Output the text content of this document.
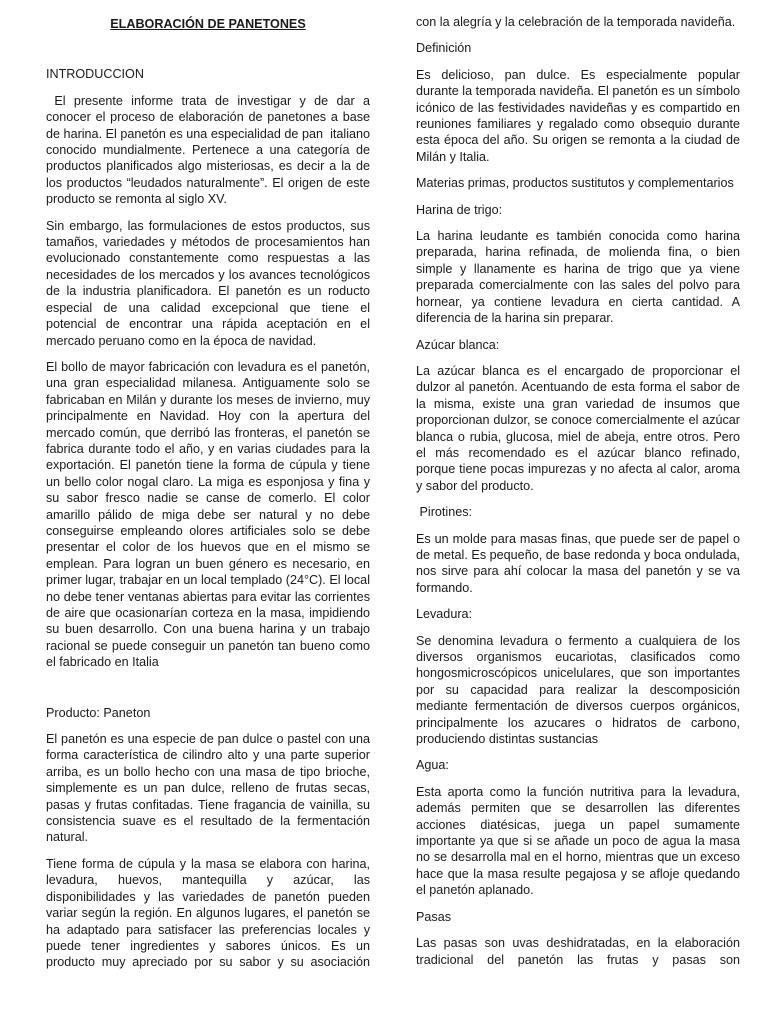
ELABORACIÓN DE PANETONES

INTRODUCCION

El presente informe trata de investigar y de dar a conocer el proceso de elaboración de panetones a base de harina. El panetón es una especialidad de pan  italiano  conocido mundialmente. Pertenece a una categoría de productos planificados algo misteriosas, es decir a la de los productos “leudados naturalmente”. El origen de este producto se remonta al siglo XV.

Sin embargo, las formulaciones de estos productos, sus tamaños, variedades y métodos de procesamientos han evolucionado constantemente como respuestas a las necesidades de los mercados y los avances tecnológicos de la industria planificadora. El panetón es un roducto especial de una calidad excepcional que tiene el potencial de encontrar una rápida aceptación en el mercado peruano como en la época de navidad.

El bollo de mayor fabricación con levadura es el panetón, una gran especialidad milanesa. Antiguamente solo se fabricaban en Milán y durante los meses de invierno, muy principalmente en Navidad. Hoy con la apertura del mercado común, que derribó las fronteras, el panetón se fabrica durante todo el año, y en varias ciudades para la exportación. El panetón tiene la forma de cúpula y tiene un bello color nogal claro. La miga es esponjosa y fina y su sabor fresco nadie se canse de comerlo. El color amarillo pálido de miga debe ser natural y no debe conseguirse empleando olores artificiales solo se debe presentar el color de los huevos que en el mismo se emplean. Para logran un buen género es necesario, en primer lugar, trabajar en un local templado (24°C). El local no debe tener ventanas abiertas para evitar las corrientes de aire que ocasionarían corteza en la masa, impidiendo su buen desarrollo. Con una buena harina y un trabajo racional se puede conseguir un panetón tan bueno como el fabricado en Italia

Producto: Paneton

El panetón es una especie de pan dulce o pastel con una forma característica de cilindro alto y una parte superior arriba, es un bollo hecho con una masa de tipo brioche, simplemente es un pan dulce, relleno de frutas secas, pasas y frutas confitadas. Tiene fragancia de vainilla, su consistencia suave es el resultado de la fermentación natural.

Tiene forma de cúpula y la masa se elabora con harina, levadura, huevos, mantequilla y azúcar, las disponibilidades y las variedades de panetón pueden variar según la región. En algunos lugares, el panetón se ha adaptado para satisfacer las preferencias locales y puede tener ingredientes y sabores únicos. Es un producto muy apreciado por su sabor y su asociación

con la alegría y la celebración de la temporada navideña.

Definición

Es delicioso, pan dulce. Es especialmente popular durante la temporada navideña. El panetón es un símbolo icónico de las festividades navideñas y es compartido en reuniones familiares y regalado como obsequio durante esta época del año. Su origen se remonta a la ciudad de Milán y Italia.

Materias primas, productos sustitutos y complementarios

Harina de trigo:

La harina leudante es también conocida como harina preparada, harina refinada, de molienda fina, o bien simple y llanamente es harina de trigo que ya viene preparada comercialmente con las sales del polvo para hornear, ya contiene levadura en cierta cantidad. A diferencia de la harina sin preparar.

Azúcar blanca:

La azúcar blanca es el encargado de proporcionar el dulzor al panetón. Acentuando de esta forma el sabor de la misma, existe una gran variedad de insumos que proporcionan dulzor, se conoce comercialmente el azúcar blanca o rubia, glucosa, miel de abeja, entre otros. Pero el más recomendado es el azúcar blanco refinado, porque tiene pocas impurezas y no afecta al calor, aroma y sabor del producto.

Pirotines:

Es un molde para masas finas, que puede ser de papel o de metal. Es pequeño, de base redonda y boca ondulada, nos sirve para ahí colocar la masa del panetón y se va formando.

Levadura:

Se denomina levadura o fermento a cualquiera de los diversos organismos eucariotas, clasificados como hongosmicroscópicos unicelulares, que son importantes por su capacidad para realizar la descomposición mediante fermentación de diversos cuerpos orgánicos, principalmente los azucares o hidratos de carbono, produciendo distintas sustancias

Agua:

Esta aporta como la función nutritiva para la levadura, además permiten que se desarrollen las diferentes acciones diatésicas, juega un papel sumamente importante ya que si se añade un poco de agua la masa no se desarrolla mal en el horno, mientras que un exceso hace que la masa resulte pegajosa y se afloje quedando el panetón aplanado.

Pasas

Las pasas son uvas deshidratadas, en la elaboración tradicional del panetón las frutas y pasas son
